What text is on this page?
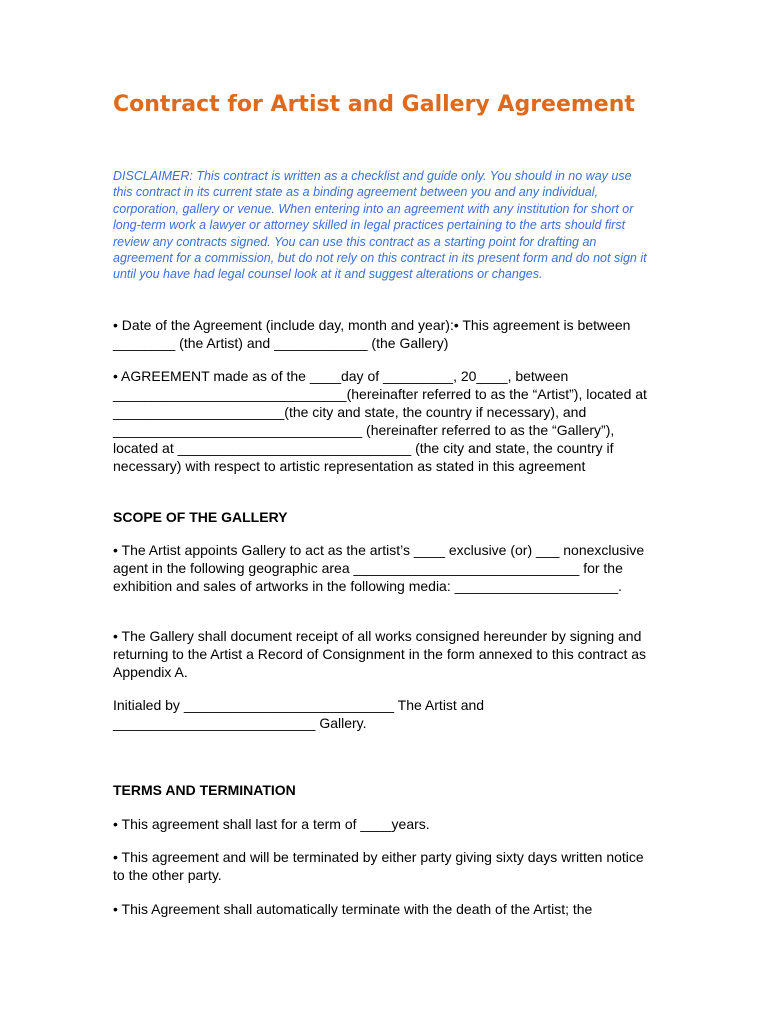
Contract for Artist and Gallery Agreement
DISCLAIMER: This contract is written as a checklist and guide only. You should in no way use this contract in its current state as a binding agreement between you and any individual, corporation, gallery or venue. When entering into an agreement with any institution for short or long-term work a lawyer or attorney skilled in legal practices pertaining to the arts should first review any contracts signed. You can use this contract as a starting point for drafting an agreement for a commission, but do not rely on this contract in its present form and do not sign it until you have had legal counsel look at it and suggest alterations or changes.

• Date of the Agreement (include day, month and year):• This agreement is between ________ (the Artist) and ____________ (the Gallery)

• AGREEMENT made as of the ____day of _________, 20____, between ______________________________(hereinafter referred to as the “Artist”), located at ______________________(the city and state, the country if necessary), and ________________________________ (hereinafter referred to as the “Gallery”), located at ______________________________ (the city and state, the country if necessary) with respect to artistic representation as stated in this agreement

SCOPE OF THE GALLERY

• The Artist appoints Gallery to act as the artist’s ____ exclusive (or) ___ nonexclusive agent in the following geographic area _____________________________ for the exhibition and sales of artworks in the following media: _____________________.

• The Gallery shall document receipt of all works consigned hereunder by signing and returning to the Artist a Record of Consignment in the form annexed to this contract as Appendix A.

Initialed by ___________________________ The Artist and __________________________ Gallery.

TERMS AND TERMINATION

• This agreement shall last for a term of ____years.

• This agreement and will be terminated by either party giving sixty days written notice to the other party.

• This Agreement shall automatically terminate with the death of the Artist; the
